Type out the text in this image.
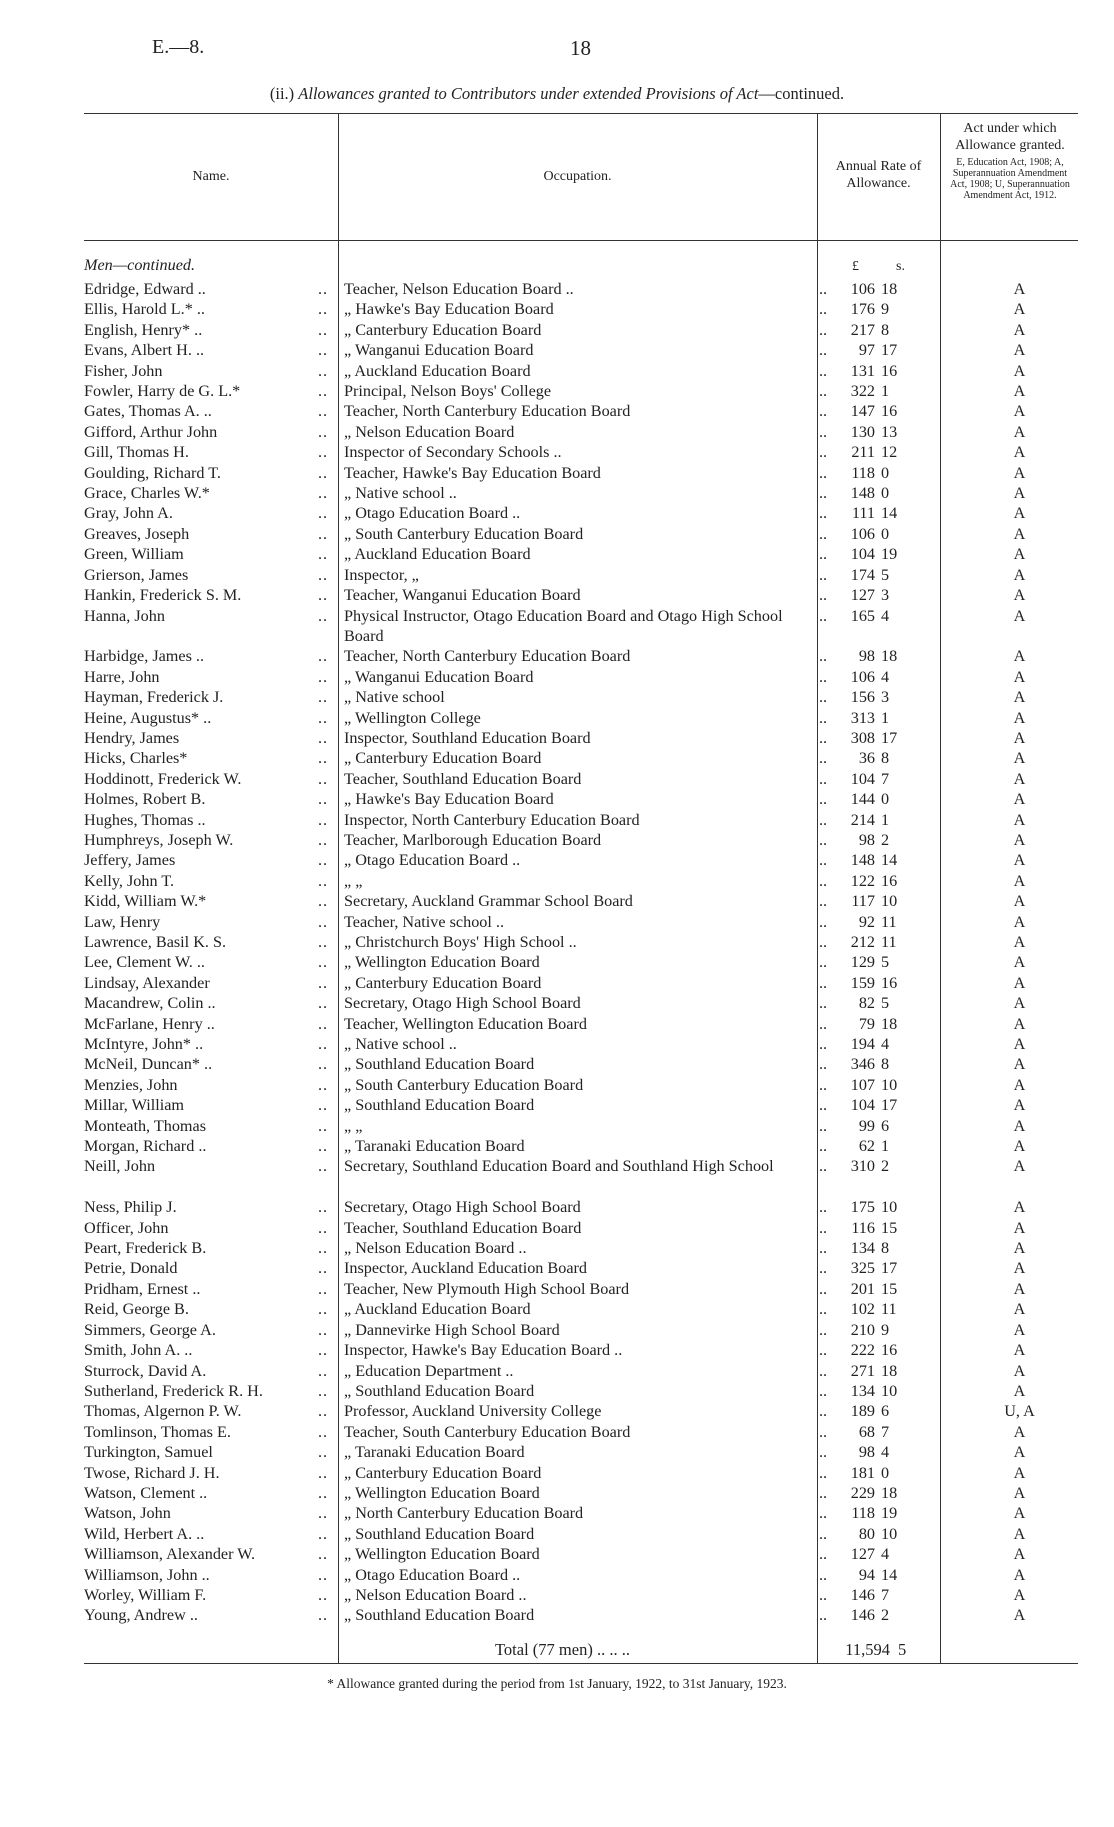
E.—8.	18
(ii.) Allowances granted to Contributors under extended Provisions of Act—continued.
Name.	Occupation.
Annual Rate of
Allowance.
Act under which
Allowance granted.
E, Education Act, 1908; A, Superannuation Amendment Act, 1908; U, Superannuation Amendment Act, 1912.
Men—continued.	£	s.
Edridge, Edward ..	..	Teacher, Nelson Education Board ..	..	106	18	A
Ellis, Harold L.* ..	..	„ Hawke's Bay Education Board	..	176	9	A
English, Henry* ..	..	„ Canterbury Education Board	..	217	8	A
Evans, Albert H. ..	..	„ Wanganui Education Board	..	97	17	A
Fisher, John	..	„ Auckland Education Board	..	131	16	A
Fowler, Harry de G. L.*	..	Principal, Nelson Boys' College	..	322	1	A
Gates, Thomas A. ..	..	Teacher, North Canterbury Education Board	..	147	16	A
Gifford, Arthur John	..	„ Nelson Education Board	..	130	13	A
Gill, Thomas H.	..	Inspector of Secondary Schools ..	..	211	12	A
Goulding, Richard T.	..	Teacher, Hawke's Bay Education Board	..	118	0	A
Grace, Charles W.*	..	„ Native school ..	..	148	0	A
Gray, John A.	..	„ Otago Education Board ..	..	111	14	A
Greaves, Joseph	..	„ South Canterbury Education Board	..	106	0	A
Green, William	..	„ Auckland Education Board	..	104	19	A
Grierson, James	..	Inspector, „	..	174	5	A
Hankin, Frederick S. M.	..	Teacher, Wanganui Education Board	..	127	3	A
Hanna, John	..	Physical Instructor, Otago Education Board and Otago High School Board	..	165	4	A
Harbidge, James ..	..	Teacher, North Canterbury Education Board	..	98	18	A
Harre, John	..	„ Wanganui Education Board	..	106	4	A
Hayman, Frederick J.	..	„ Native school	..	156	3	A
Heine, Augustus* ..	..	„ Wellington College	..	313	1	A
Hendry, James	..	Inspector, Southland Education Board	..	308	17	A
Hicks, Charles*	..	„ Canterbury Education Board	..	36	8	A
Hoddinott, Frederick W.	..	Teacher, Southland Education Board	..	104	7	A
Holmes, Robert B.	..	„ Hawke's Bay Education Board	..	144	0	A
Hughes, Thomas ..	..	Inspector, North Canterbury Education Board	..	214	1	A
Humphreys, Joseph W.	..	Teacher, Marlborough Education Board	..	98	2	A
Jeffery, James	..	„ Otago Education Board ..	..	148	14	A
Kelly, John T.	..	„ „	..	122	16	A
Kidd, William W.*	..	Secretary, Auckland Grammar School Board	..	117	10	A
Law, Henry	..	Teacher, Native school ..	..	92	11	A
Lawrence, Basil K. S.	..	„ Christchurch Boys' High School ..	..	212	11	A
Lee, Clement W. ..	..	„ Wellington Education Board	..	129	5	A
Lindsay, Alexander	..	„ Canterbury Education Board	..	159	16	A
Macandrew, Colin ..	..	Secretary, Otago High School Board	..	82	5	A
McFarlane, Henry ..	..	Teacher, Wellington Education Board	..	79	18	A
McIntyre, John* ..	..	„ Native school ..	..	194	4	A
McNeil, Duncan* ..	..	„ Southland Education Board	..	346	8	A
Menzies, John	..	„ South Canterbury Education Board	..	107	10	A
Millar, William	..	„ Southland Education Board	..	104	17	A
Monteath, Thomas	..	„ „	..	99	6	A
Morgan, Richard ..	..	„ Taranaki Education Board	..	62	1	A
Neill, John	..	Secretary, Southland Education Board and Southland High School	..	310	2	A
Ness, Philip J.	..	Secretary, Otago High School Board	..	175	10	A
Officer, John	..	Teacher, Southland Education Board	..	116	15	A
Peart, Frederick B.	..	„ Nelson Education Board ..	..	134	8	A
Petrie, Donald	..	Inspector, Auckland Education Board	..	325	17	A
Pridham, Ernest ..	..	Teacher, New Plymouth High School Board	..	201	15	A
Reid, George B.	..	„ Auckland Education Board	..	102	11	A
Simmers, George A.	..	„ Dannevirke High School Board	..	210	9	A
Smith, John A. ..	..	Inspector, Hawke's Bay Education Board ..	..	222	16	A
Sturrock, David A.	..	„ Education Department ..	..	271	18	A
Sutherland, Frederick R. H.	..	„ Southland Education Board	..	134	10	A
Thomas, Algernon P. W.	..	Professor, Auckland University College	..	189	6	U, A
Tomlinson, Thomas E.	..	Teacher, South Canterbury Education Board	..	68	7	A
Turkington, Samuel	..	„ Taranaki Education Board	..	98	4	A
Twose, Richard J. H.	..	„ Canterbury Education Board	..	181	0	A
Watson, Clement ..	..	„ Wellington Education Board	..	229	18	A
Watson, John	..	„ North Canterbury Education Board	..	118	19	A
Wild, Herbert A. ..	..	„ Southland Education Board	..	80	10	A
Williamson, Alexander W.	..	„ Wellington Education Board	..	127	4	A
Williamson, John ..	..	„ Otago Education Board ..	..	94	14	A
Worley, William F.	..	„ Nelson Education Board ..	..	146	7	A
Young, Andrew ..	..	„ Southland Education Board	..	146	2	A
Total (77 men) .. .. ..	11,594 5
* Allowance granted during the period from 1st January, 1922, to 31st January, 1923.
